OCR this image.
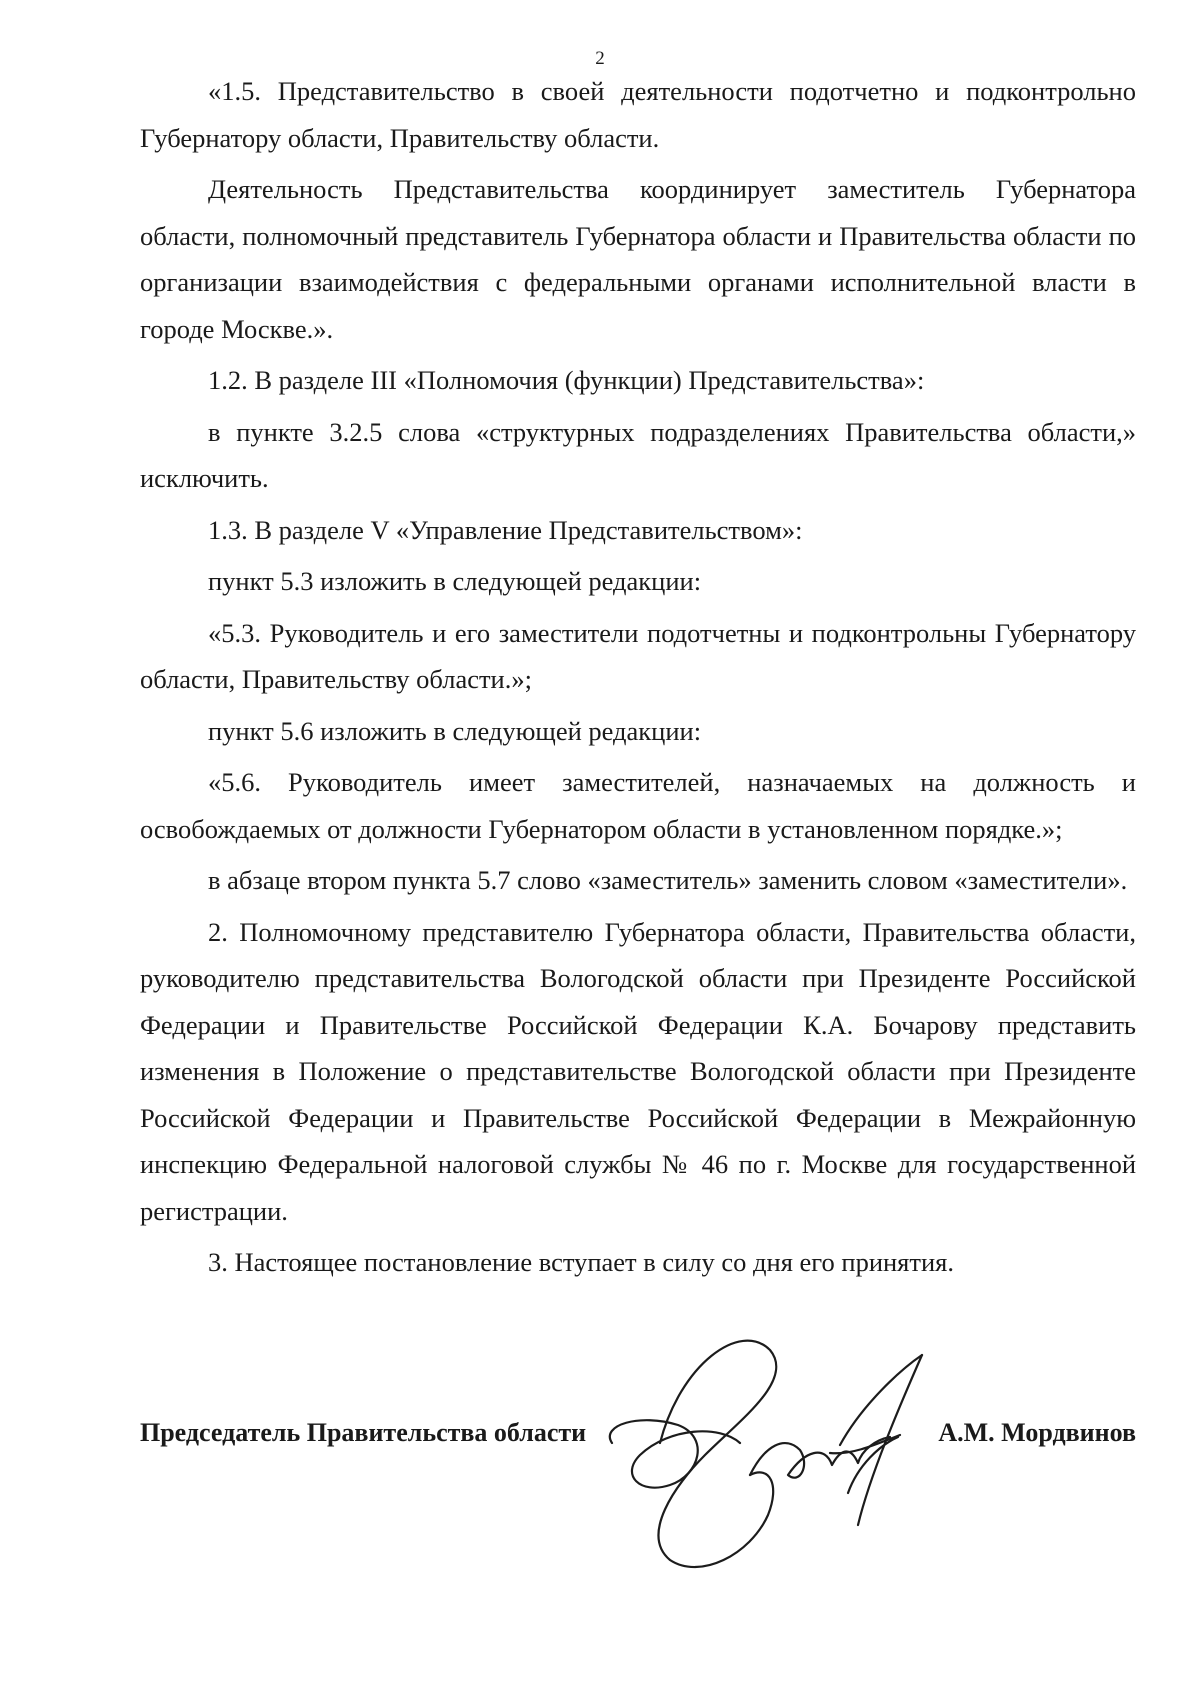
2

«1.5. Представительство в своей деятельности подотчетно и подконтрольно Губернатору области, Правительству области.

Деятельность Представительства координирует заместитель Губернатора области, полномочный представитель Губернатора области и Правительства области по организации взаимодействия с федеральными органами исполнительной власти в городе Москве.».

1.2. В разделе III «Полномочия (функции) Представительства»:

в пункте 3.2.5 слова «структурных подразделениях Правительства области,» исключить.

1.3. В разделе V «Управление Представительством»:

пункт 5.3 изложить в следующей редакции:

«5.3. Руководитель и его заместители подотчетны и подконтрольны Губернатору области, Правительству области.»;

пункт 5.6 изложить в следующей редакции:

«5.6. Руководитель имеет заместителей, назначаемых на должность и освобождаемых от должности Губернатором области в установленном порядке.»;

в абзаце втором пункта 5.7 слово «заместитель» заменить словом «заместители».

2. Полномочному представителю Губернатора области, Правительства области, руководителю представительства Вологодской области при Президенте Российской Федерации и Правительстве Российской Федерации К.А. Бочарову представить изменения в Положение о представительстве Вологодской области при Президенте Российской Федерации и Правительстве Российской Федерации в Межрайонную инспекцию Федеральной налоговой службы № 46 по г. Москве для государственной регистрации.

3. Настоящее постановление вступает в силу со дня его принятия.

Председатель Правительства области	А.М. Мордвинов
